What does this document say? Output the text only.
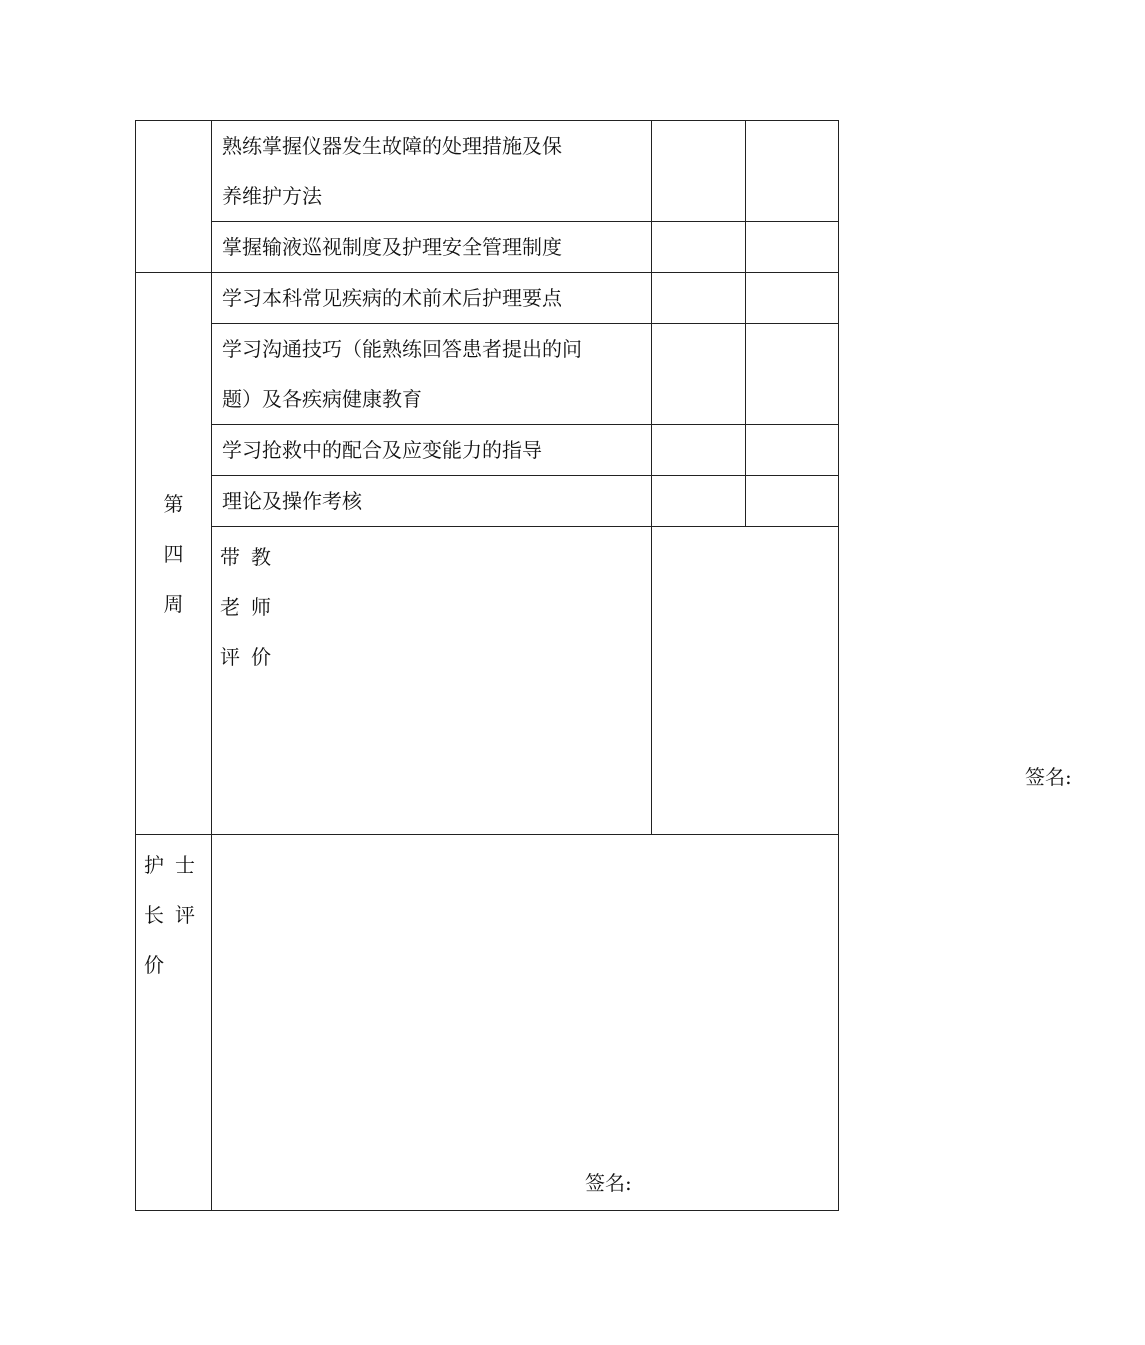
	熟练掌握仪器发生故障的处理措施及保
养维护方法		

	掌握输液巡视制度及护理安全管理制度		

第
四
周	学习本科常见疾病的术前术后护理要点		

	学习沟通技巧（能熟练回答患者提出的问
题）及各疾病健康教育		

	学习抢救中的配合及应变能力的指导		
	理论及操作考核		

	带 教
老 师
评 价	签名:	

护 士
长 评
价	签名:		
